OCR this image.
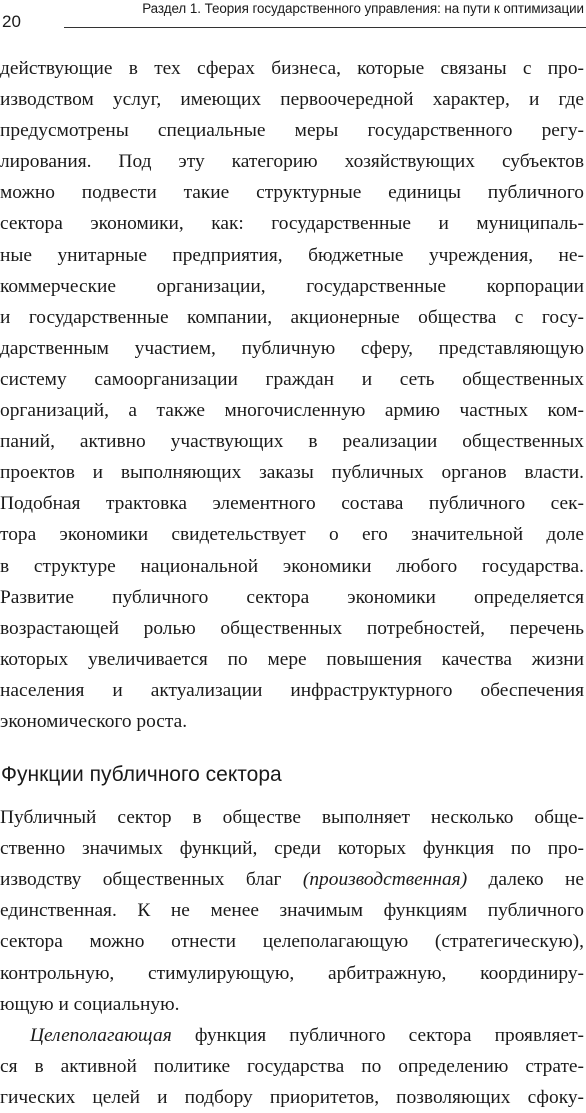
20
Раздел 1. Теория государственного управления: на пути к оптимизации
действующие в тех сферах бизнеса, которые связаны с про-
изводством услуг, имеющих первоочередной характер, и где
предусмотрены специальные меры государственного регу-
лирования. Под эту категорию хозяйствующих субъектов
можно подвести такие структурные единицы публичного
сектора экономики, как: государственные и муниципаль-
ные унитарные предприятия, бюджетные учреждения, не-
коммерческие организации, государственные корпорации
и государственные компании, акционерные общества с госу-
дарственным участием, публичную сферу, представляющую
систему самоорганизации граждан и сеть общественных
организаций, а также многочисленную армию частных ком-
паний, активно участвующих в реализации общественных
проектов и выполняющих заказы публичных органов власти.
Подобная трактовка элементного состава публичного сек-
тора экономики свидетельствует о его значительной доле
в структуре национальной экономики любого государства.
Развитие публичного сектора экономики определяется
возрастающей ролью общественных потребностей, перечень
которых увеличивается по мере повышения качества жизни
населения и актуализации инфраструктурного обеспечения
экономического роста.
Функции публичного сектора
Публичный сектор в обществе выполняет несколько обще-
ственно значимых функций, среди которых функция по про-
изводству общественных благ (производственная) далеко не
единственная. К не менее значимым функциям публичного
сектора можно отнести целеполагающую (стратегическую),
контрольную, стимулирующую, арбитражную, координиру-
ющую и социальную.
Целеполагающая функция публичного сектора проявляет-
ся в активной политике государства по определению страте-
гических целей и подбору приоритетов, позволяющих сфоку-
